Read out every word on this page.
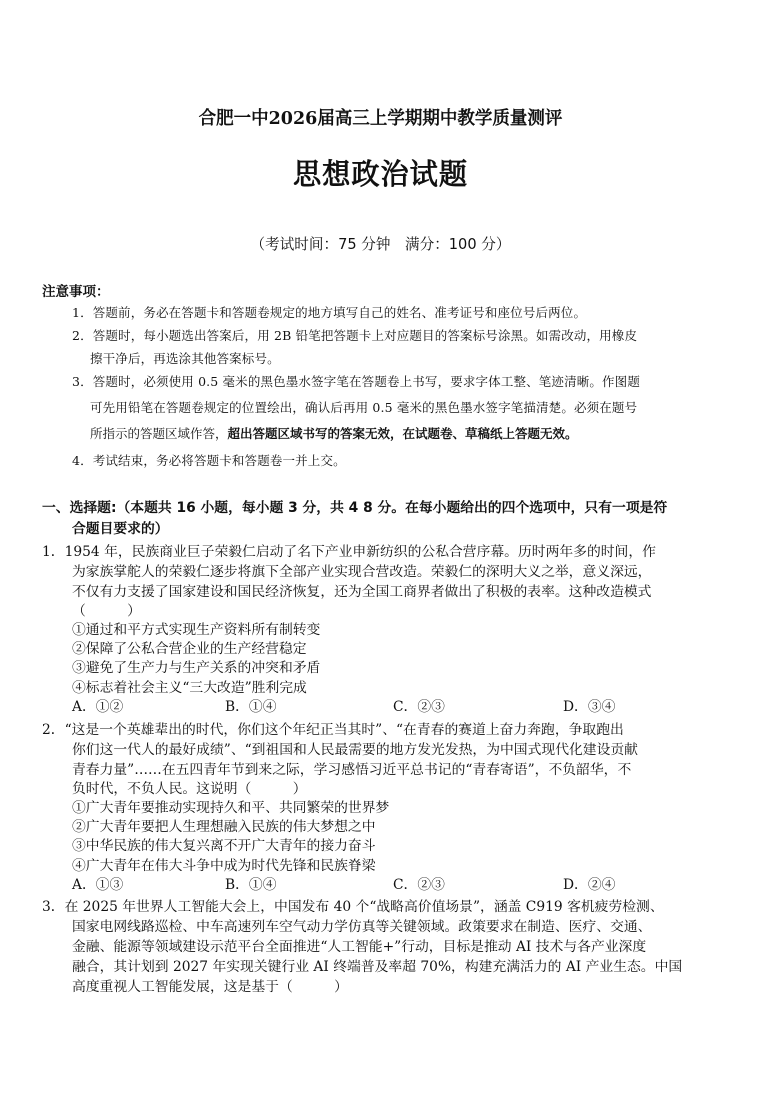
合肥一中2026届高三上学期期中教学质量测评
思想政治试题
（考试时间：75 分钟　满分：100 分）
注意事项：
1．答题前，务必在答题卡和答题卷规定的地方填写自己的姓名、准考证号和座位号后两位。
2．答题时，每小题选出答案后，用 2B 铅笔把答题卡上对应题目的答案标号涂黑。如需改动，用橡皮
擦干净后，再选涂其他答案标号。
3．答题时，必须使用 0.5 毫米的黑色墨水签字笔在答题卷上书写，要求字体工整、笔迹清晰。作图题
可先用铅笔在答题卷规定的位置绘出，确认后再用 0.5 毫米的黑色墨水签字笔描清楚。必须在题号
所指示的答题区域作答，超出答题区域书写的答案无效，在试题卷、草稿纸上答题无效。
4．考试结束，务必将答题卡和答题卷一并上交。
一、选择题:（本题共 16 小题，每小题 3 分，共 4 8 分。在每小题给出的四个选项中，只有一项是符
合题目要求的）
1．1954 年，民族商业巨子荣毅仁启动了名下产业申新纺织的公私合营序幕。历时两年多的时间，作
为家族掌舵人的荣毅仁逐步将旗下全部产业实现合营改造。荣毅仁的深明大义之举，意义深远，
不仅有力支援了国家建设和国民经济恢复，还为全国工商界者做出了积极的表率。这种改造模式
（　　　）
①通过和平方式实现生产资料所有制转变
②保障了公私合营企业的生产经营稳定
③避免了生产力与生产关系的冲突和矛盾
④标志着社会主义“三大改造”胜利完成
A．①②	B．①④	C．②③	D．③④
2．“这是一个英雄辈出的时代，你们这个年纪正当其时”、“在青春的赛道上奋力奔跑，争取跑出
你们这一代人的最好成绩”、“到祖国和人民最需要的地方发光发热，为中国式现代化建设贡献
青春力量”……在五四青年节到来之际，学习感悟习近平总书记的“青春寄语”，不负韶华，不
负时代，不负人民。这说明（　　　）
①广大青年要推动实现持久和平、共同繁荣的世界梦
②广大青年要把人生理想融入民族的伟大梦想之中
③中华民族的伟大复兴离不开广大青年的接力奋斗
④广大青年在伟大斗争中成为时代先锋和民族脊梁
A．①③	B．①④	C．②③	D．②④
3．在 2025 年世界人工智能大会上，中国发布 40 个“战略高价值场景”，涵盖 C919 客机疲劳检测、
国家电网线路巡检、中车高速列车空气动力学仿真等关键领域。政策要求在制造、医疗、交通、
金融、能源等领域建设示范平台全面推进“人工智能+”行动，目标是推动 AI 技术与各产业深度
融合，其计划到 2027 年实现关键行业 AI 终端普及率超 70%，构建充满活力的 AI 产业生态。中国
高度重视人工智能发展，这是基于（　　　）
